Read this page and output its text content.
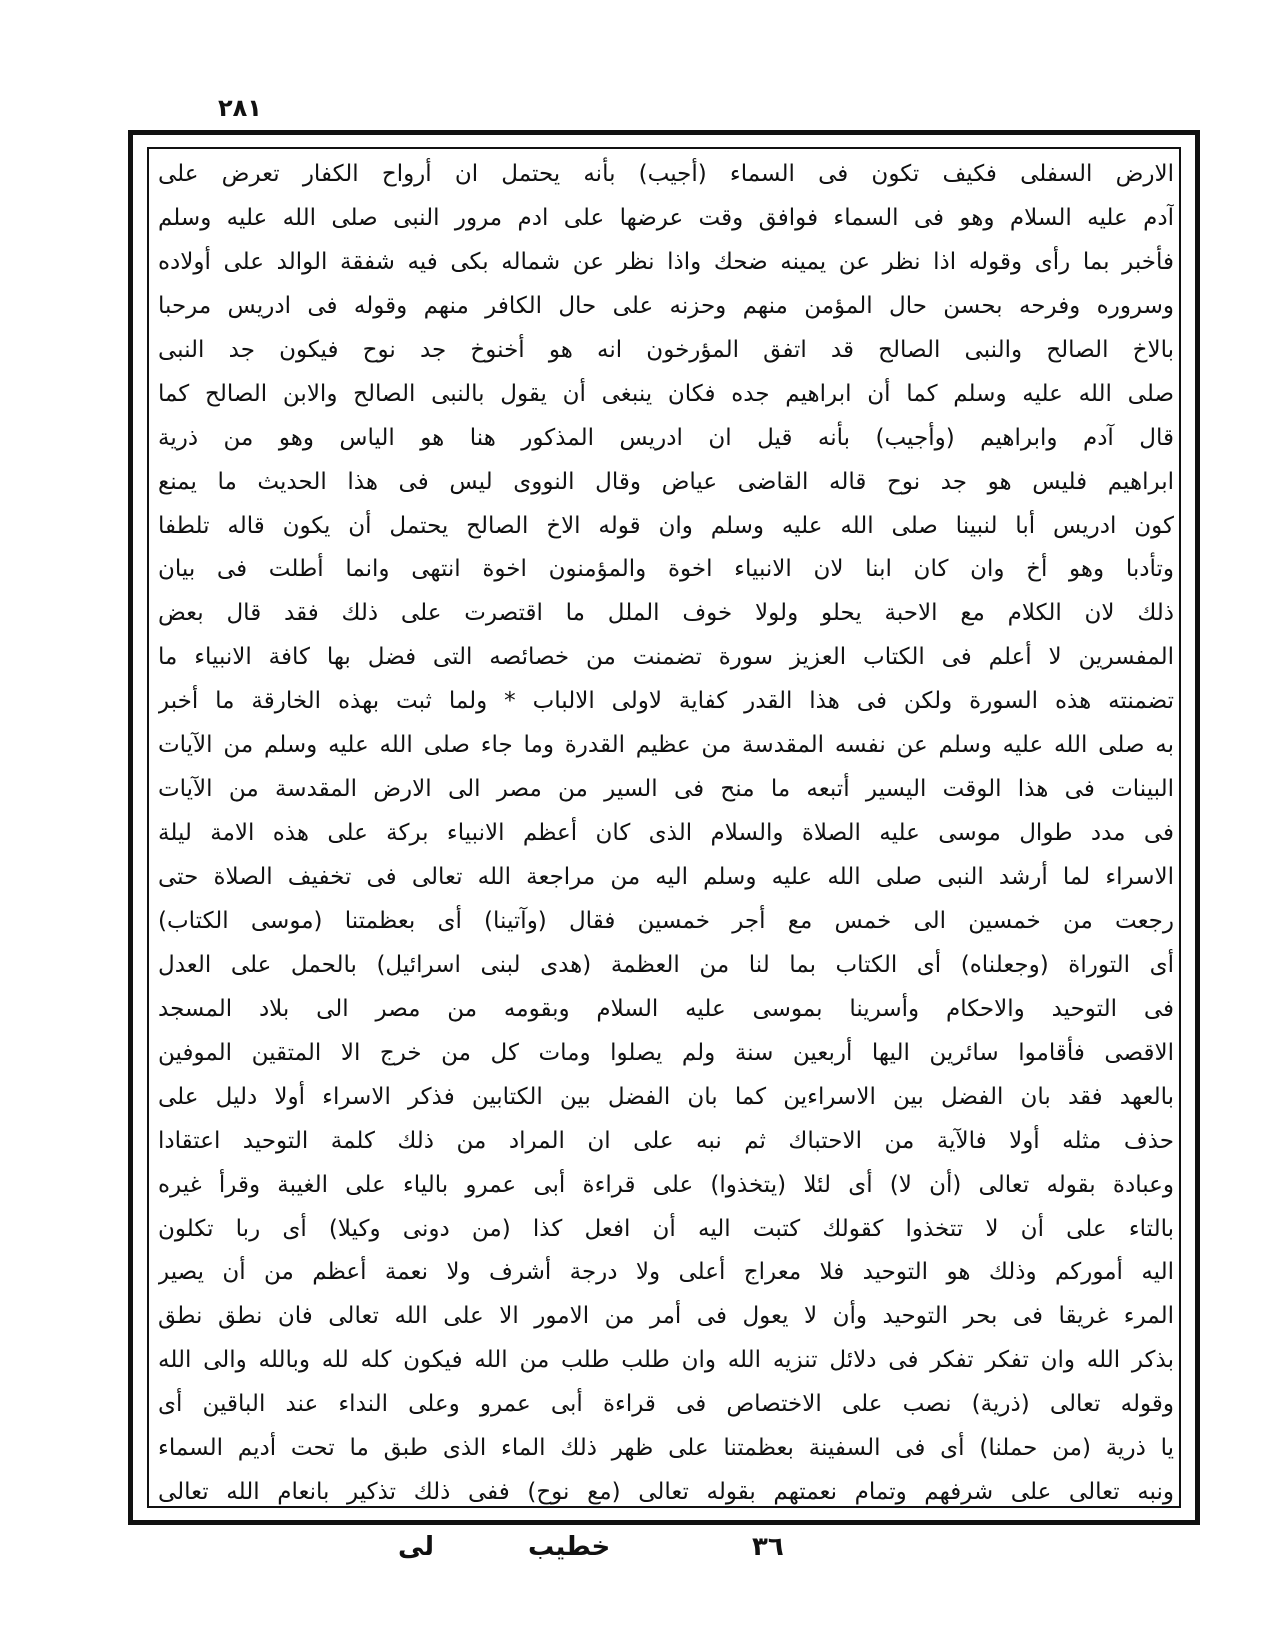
٢٨١
الارض السفلى فكيف تكون فى السماء (أجيب) بأنه يحتمل ان أرواح الكفار تعرض على
آدم عليه السلام وهو فى السماء فوافق وقت عرضها على ادم مرور النبى صلى الله عليه وسلم
فأخبر بما رأى وقوله اذا نظر عن يمينه ضحك واذا نظر عن شماله بكى فيه شفقة الوالد على أولاده
وسروره وفرحه بحسن حال المؤمن منهم وحزنه على حال الكافر منهم وقوله فى ادريس مرحبا
بالاخ الصالح والنبى الصالح قد اتفق المؤرخون انه هو أخنوخ جد نوح فيكون جد النبى
صلى الله عليه وسلم كما أن ابراهيم جده فكان ينبغى أن يقول بالنبى الصالح والابن الصالح كما
قال آدم وابراهيم (وأجيب) بأنه قيل ان ادريس المذكور هنا هو الياس وهو من ذرية
ابراهيم فليس هو جد نوح قاله القاضى عياض وقال النووى ليس فى هذا الحديث ما يمنع
كون ادريس أبا لنبينا صلى الله عليه وسلم وان قوله الاخ الصالح يحتمل أن يكون قاله تلطفا
وتأدبا وهو أخ وان كان ابنا لان الانبياء اخوة والمؤمنون اخوة انتهى وانما أطلت فى بيان
ذلك لان الكلام مع الاحبة يحلو ولولا خوف الملل ما اقتصرت على ذلك فقد قال بعض
المفسرين لا أعلم فى الكتاب العزيز سورة تضمنت من خصائصه التى فضل بها كافة الانبياء ما
تضمنته هذه السورة ولكن فى هذا القدر كفاية لاولى الالباب * ولما ثبت بهذه الخارقة ما أخبر
به صلى الله عليه وسلم عن نفسه المقدسة من عظيم القدرة وما جاء صلى الله عليه وسلم من الآيات
البينات فى هذا الوقت اليسير أتبعه ما منح فى السير من مصر الى الارض المقدسة من الآيات
فى مدد طوال موسى عليه الصلاة والسلام الذى كان أعظم الانبياء بركة على هذه الامة ليلة
الاسراء لما أرشد النبى صلى الله عليه وسلم اليه من مراجعة الله تعالى فى تخفيف الصلاة حتى
رجعت من خمسين الى خمس مع أجر خمسين فقال (وآتينا) أى بعظمتنا (موسى الكتاب)
أى التوراة (وجعلناه) أى الكتاب بما لنا من العظمة (هدى لبنى اسرائيل) بالحمل على العدل
فى التوحيد والاحكام وأسرينا بموسى عليه السلام وبقومه من مصر الى بلاد المسجد
الاقصى فأقاموا سائرين اليها أربعين سنة ولم يصلوا ومات كل من خرج الا المتقين الموفين
بالعهد فقد بان الفضل بين الاسراءين كما بان الفضل بين الكتابين فذكر الاسراء أولا دليل على
حذف مثله أولا فالآية من الاحتباك ثم نبه على ان المراد من ذلك كلمة التوحيد اعتقادا
وعبادة بقوله تعالى (أن لا) أى لئلا (يتخذوا) على قراءة أبى عمرو بالياء على الغيبة وقرأ غيره
بالتاء على أن لا تتخذوا كقولك كتبت اليه أن افعل كذا (من دونى وكيلا) أى ربا تكلون
اليه أموركم وذلك هو التوحيد فلا معراج أعلى ولا درجة أشرف ولا نعمة أعظم من أن يصير
المرء غريقا فى بحر التوحيد وأن لا يعول فى أمر من الامور الا على الله تعالى فان نطق نطق
بذكر الله وان تفكر تفكر فى دلائل تنزيه الله وان طلب طلب من الله فيكون كله لله وبالله والى الله
وقوله تعالى (ذرية) نصب على الاختصاص فى قراءة أبى عمرو وعلى النداء عند الباقين أى
يا ذرية (من حملنا) أى فى السفينة بعظمتنا على ظهر ذلك الماء الذى طبق ما تحت أديم السماء
ونبه تعالى على شرفهم وتمام نعمتهم بقوله تعالى (مع نوح) ففى ذلك تذكير بانعام الله تعالى
٣٦
خطيب
لى
